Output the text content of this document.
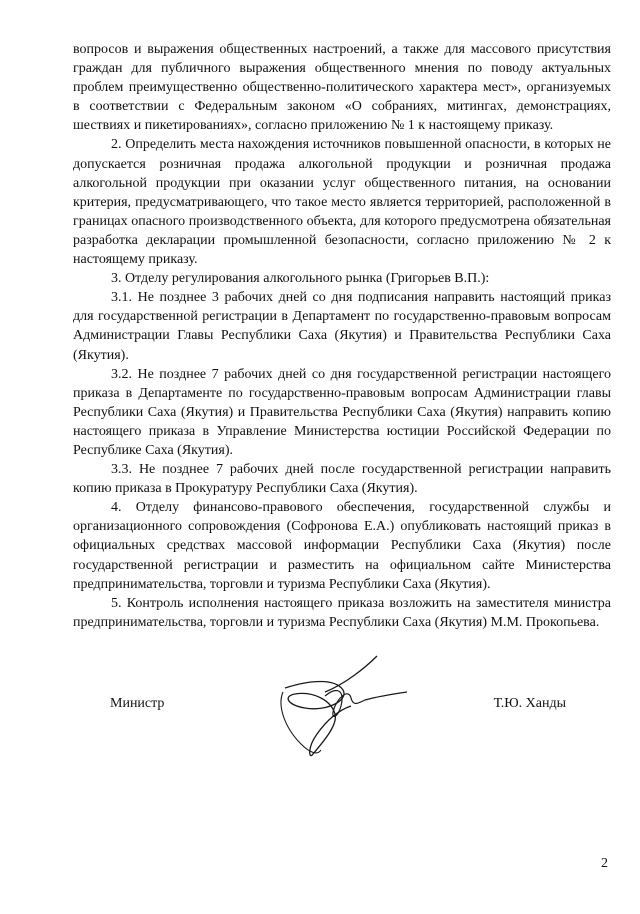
вопросов и выражения общественных настроений, а также для массового присутствия граждан для публичного выражения общественного мнения по поводу актуальных проблем преимущественно общественно-политического характера мест», организуемых в соответствии с Федеральным законом «О собраниях, митингах, демонстрациях, шествиях и пикетированиях», согласно приложению № 1 к настоящему приказу.

2. Определить места нахождения источников повышенной опасности, в которых не допускается розничная продажа алкогольной продукции и розничная продажа алкогольной продукции при оказании услуг общественного питания, на основании критерия, предусматривающего, что такое место является территорией, расположенной в границах опасного производственного объекта, для которого предусмотрена обязательная разработка декларации промышленной безопасности, согласно приложению № 2 к настоящему приказу.

3. Отделу регулирования алкогольного рынка (Григорьев В.П.):

3.1. Не позднее 3 рабочих дней со дня подписания направить настоящий приказ для государственной регистрации в Департамент по государственно-правовым вопросам Администрации Главы Республики Саха (Якутия) и Правительства Республики Саха (Якутия).

3.2. Не позднее 7 рабочих дней со дня государственной регистрации настоящего приказа в Департаменте по государственно-правовым вопросам Администрации главы Республики Саха (Якутия) и Правительства Республики Саха (Якутия) направить копию настоящего приказа в Управление Министерства юстиции Российской Федерации по Республике Саха (Якутия).

3.3. Не позднее 7 рабочих дней после государственной регистрации направить копию приказа в Прокуратуру Республики Саха (Якутия).

4. Отделу финансово-правового обеспечения, государственной службы и организационного сопровождения (Софронова Е.А.) опубликовать настоящий приказ в официальных средствах массовой информации Республики Саха (Якутия) после государственной регистрации и разместить на официальном сайте Министерства предпринимательства, торговли и туризма Республики Саха (Якутия).

5. Контроль исполнения настоящего приказа возложить на заместителя министра предпринимательства, торговли и туризма Республики Саха (Якутия) М.М. Прокопьева.

Министр	Т.Ю. Ханды
2
